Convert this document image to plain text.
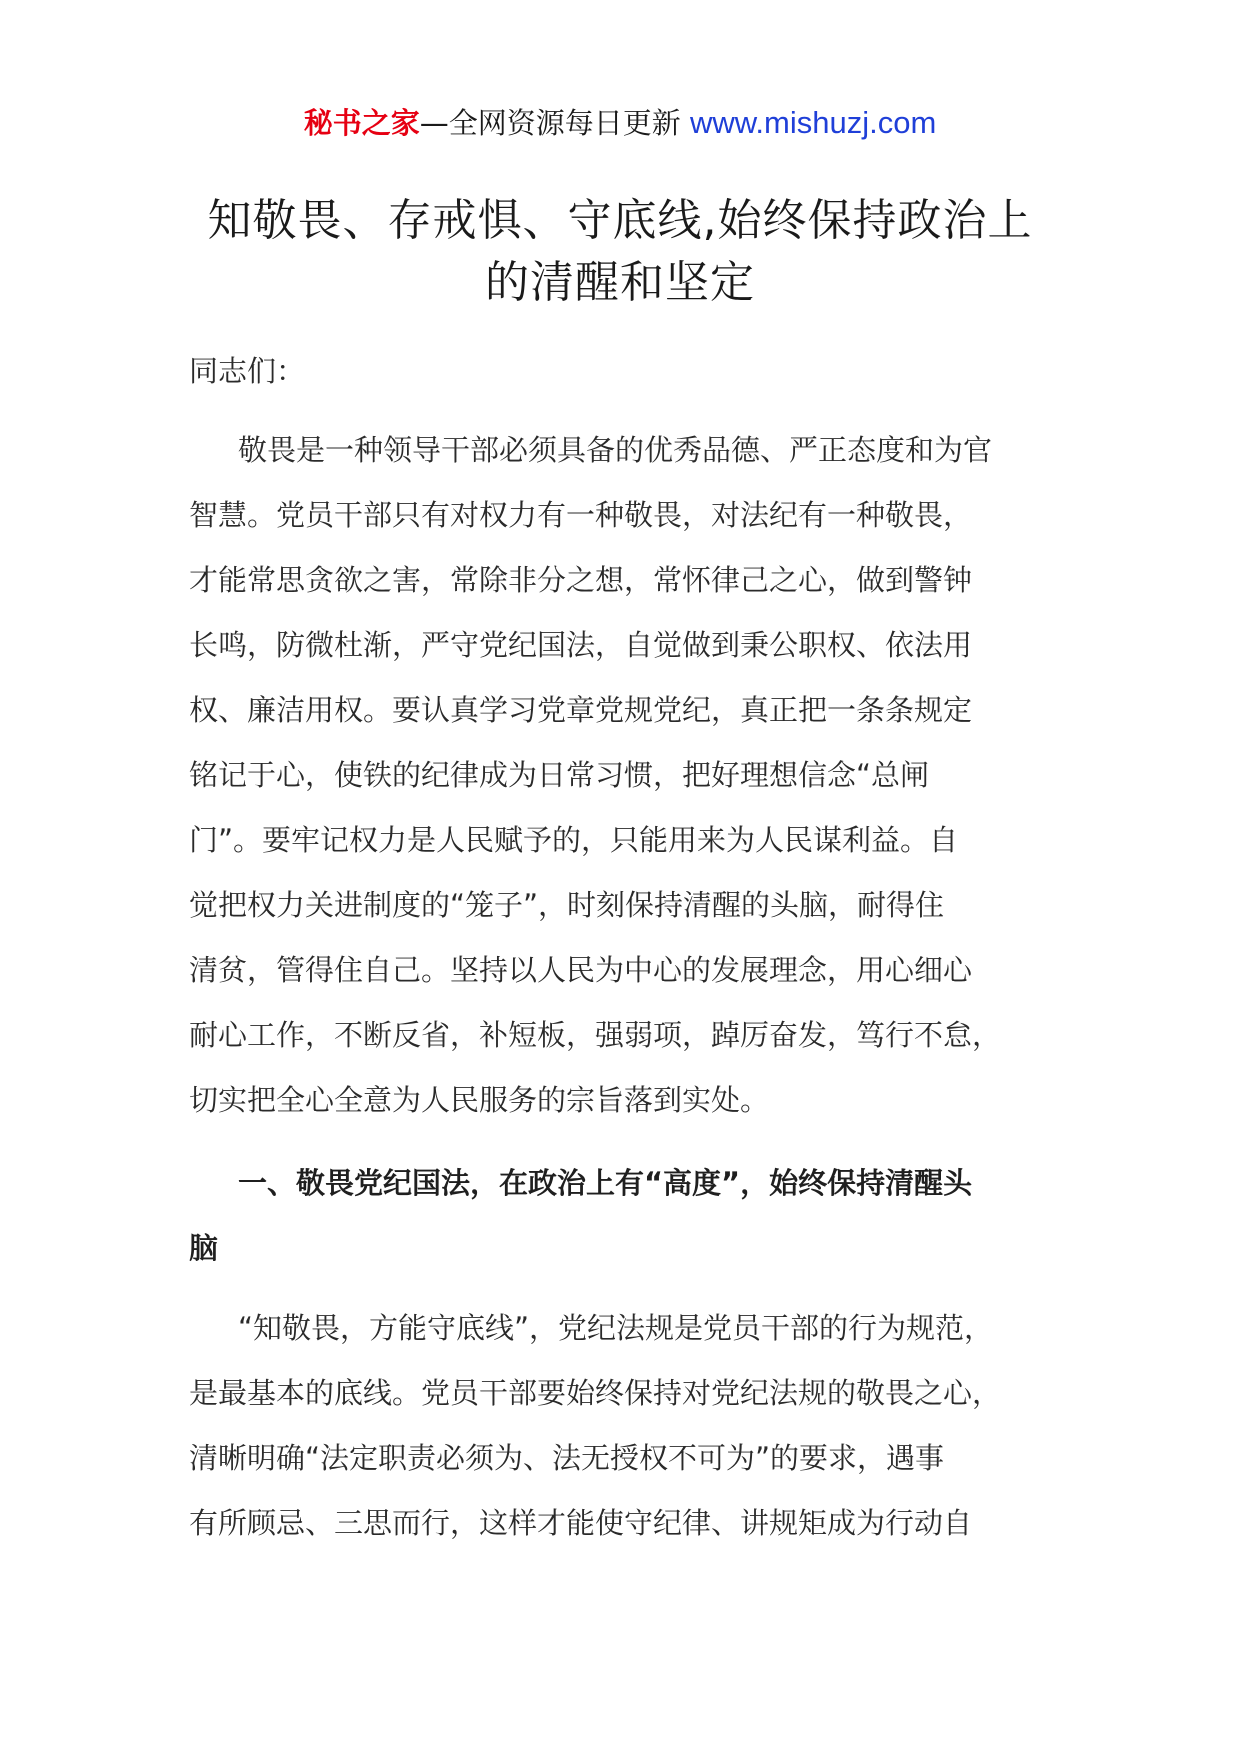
秘书之家—全网资源每日更新 www.mishuzj.com
知敬畏、存戒惧、守底线,始终保持政治上
的清醒和坚定
同志们：
敬畏是一种领导干部必须具备的优秀品德、严正态度和为官
智慧。党员干部只有对权力有一种敬畏，对法纪有一种敬畏，
才能常思贪欲之害，常除非分之想，常怀律己之心，做到警钟
长鸣，防微杜渐，严守党纪国法，自觉做到秉公职权、依法用
权、廉洁用权。要认真学习党章党规党纪，真正把一条条规定
铭记于心，使铁的纪律成为日常习惯，把好理想信念“总闸
门”。要牢记权力是人民赋予的，只能用来为人民谋利益。自
觉把权力关进制度的“笼子”，时刻保持清醒的头脑，耐得住
清贫，管得住自己。坚持以人民为中心的发展理念，用心细心
耐心工作，不断反省，补短板，强弱项，踔厉奋发，笃行不怠，
切实把全心全意为人民服务的宗旨落到实处。
一、敬畏党纪国法，在政治上有“高度”，始终保持清醒头
脑
“知敬畏，方能守底线”，党纪法规是党员干部的行为规范，
是最基本的底线。党员干部要始终保持对党纪法规的敬畏之心，
清晰明确“法定职责必须为、法无授权不可为”的要求，遇事
有所顾忌、三思而行，这样才能使守纪律、讲规矩成为行动自
